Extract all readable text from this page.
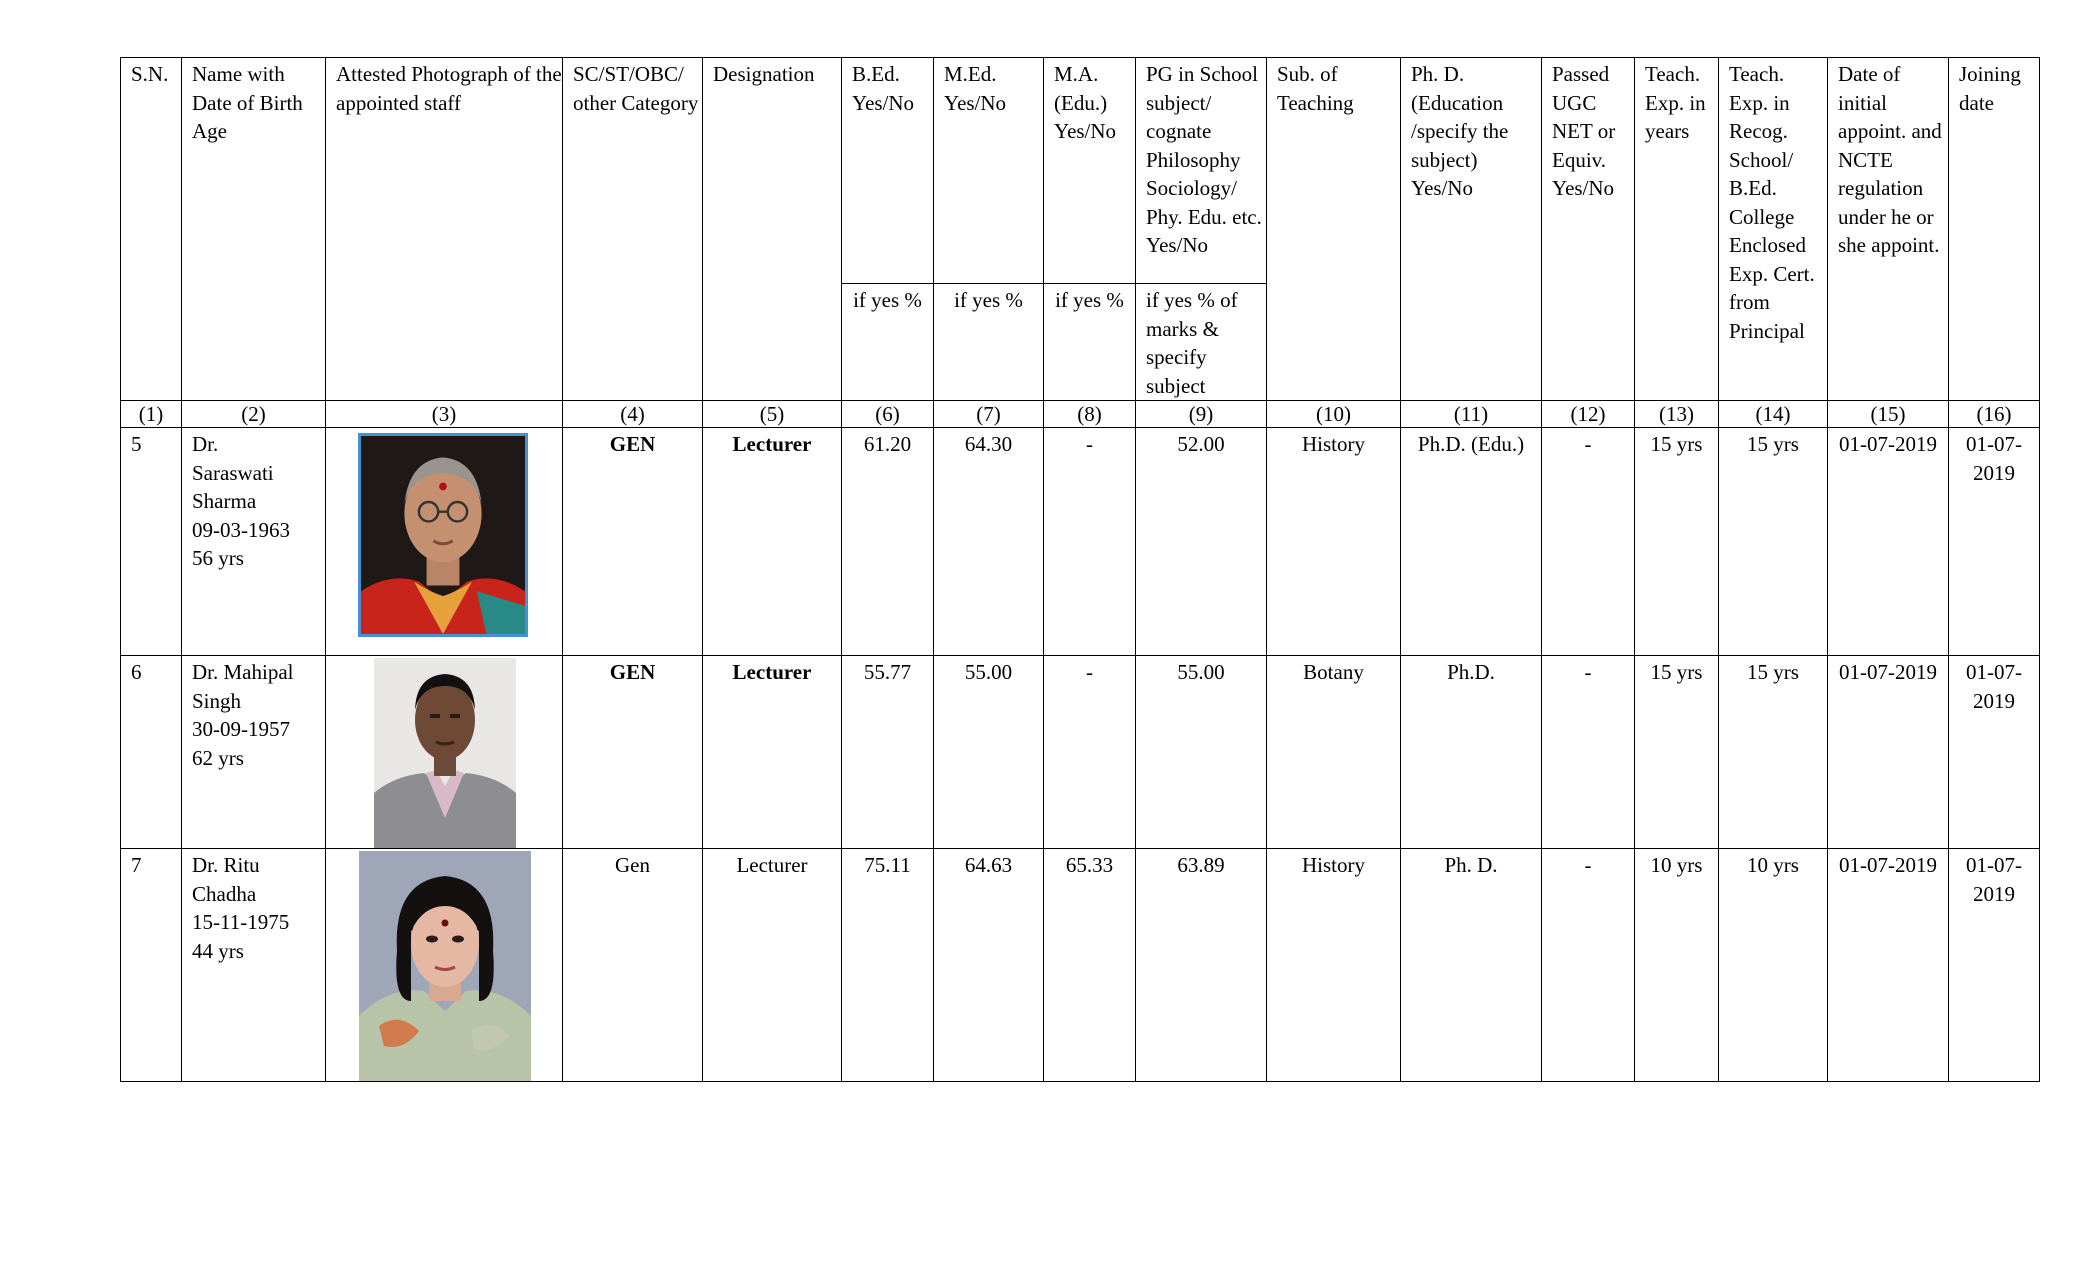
S.N.	Name with Date of Birth Age	Attested Photograph of the appointed staff	SC/ST/OBC/ other Category	Designation	B.Ed. Yes/No	M.Ed. Yes/No	M.A. (Edu.) Yes/No	PG in School subject/ cognate Philosophy Sociology/ Phy. Edu. etc. Yes/No	Sub. of Teaching	Ph. D. (Education /specify the subject) Yes/No	Passed UGC NET or Equiv. Yes/No	Teach. Exp. in years	Teach. Exp. in Recog. School/ B.Ed. College Enclosed Exp. Cert. from Principal	Date of initial appoint. and NCTE regulation under he or she appoint.	Joining date
					if yes %	if yes %	if yes %	if yes % of marks & specify subject							
(1)	(2)	(3)	(4)	(5)	(6)	(7)	(8)	(9)	(10)	(11)	(12)	(13)	(14)	(15)	(16)
5	Dr.
Saraswati
Sharma
09-03-1963
56 yrs		GEN	Lecturer	61.20	64.30	-	52.00	History	Ph.D. (Edu.)	-	15 yrs	15 yrs	01-07-2019	01-07- 2019
6	Dr. Mahipal
Singh
30-09-1957
62 yrs		GEN	Lecturer	55.77	55.00	-	55.00	Botany	Ph.D.	-	15 yrs	15 yrs	01-07-2019	01-07- 2019
7	Dr. Ritu
Chadha
15-11-1975
44 yrs		Gen	Lecturer	75.11	64.63	65.33	63.89	History	Ph. D.	-	10 yrs	10 yrs	01-07-2019	01-07- 2019
